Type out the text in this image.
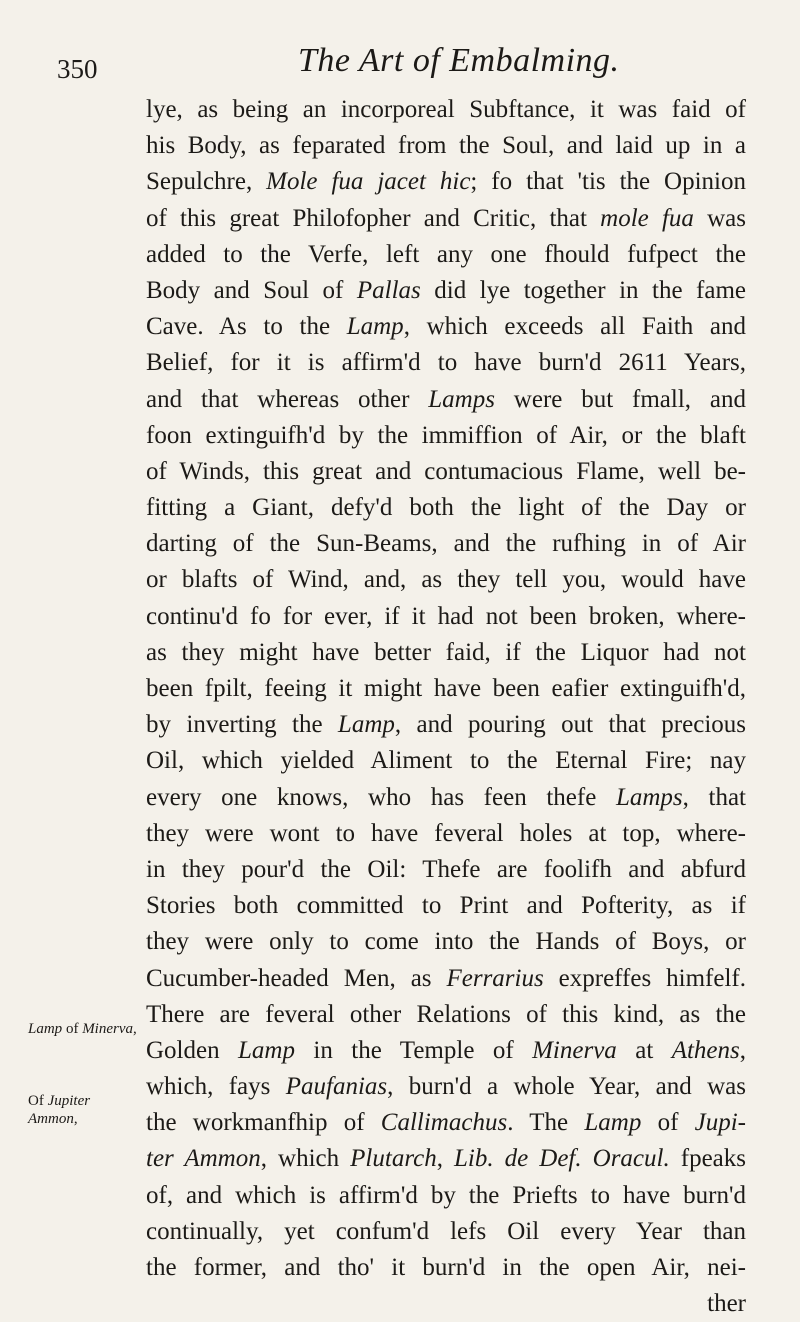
350	The Art of Embalming.
Lamp of Minerva,
Of Jupiter Ammon,
lye, as being an incorporeal Subftance, it was faid of
his Body, as feparated from the Soul, and laid up in a
Sepulchre, Mole fua jacet hic; fo that 'tis the Opinion
of this great Philofopher and Critic, that mole fua was
added to the Verfe, left any one fhould fufpect the
Body and Soul of Pallas did lye together in the fame
Cave. As to the Lamp, which exceeds all Faith and
Belief, for it is affirm'd to have burn'd 2611 Years,
and that whereas other Lamps were but fmall, and
foon extinguifh'd by the immiffion of Air, or the blaft
of Winds, this great and contumacious Flame, well be-
fitting a Giant, defy'd both the light of the Day or
darting of the Sun-Beams, and the rufhing in of Air
or blafts of Wind, and, as they tell you, would have
continu'd fo for ever, if it had not been broken, where-
as they might have better faid, if the Liquor had not
been fpilt, feeing it might have been eafier extinguifh'd,
by inverting the Lamp, and pouring out that precious
Oil, which yielded Aliment to the Eternal Fire; nay
every one knows, who has feen thefe Lamps, that
they were wont to have feveral holes at top, where-
in they pour'd the Oil: Thefe are foolifh and abfurd
Stories both committed to Print and Pofterity, as if
they were only to come into the Hands of Boys, or
Cucumber-headed Men, as Ferrarius expreffes himfelf.
There are feveral other Relations of this kind, as the
Golden Lamp in the Temple of Minerva at Athens,
which, fays Paufanias, burn'd a whole Year, and was
the workmanfhip of Callimachus. The Lamp of Jupi-
ter Ammon, which Plutarch, Lib. de Def. Oracul. fpeaks
of, and which is affirm'd by the Priefts to have burn'd
continually, yet confum'd lefs Oil every Year than
the former, and tho' it burn'd in the open Air, nei-
ther
